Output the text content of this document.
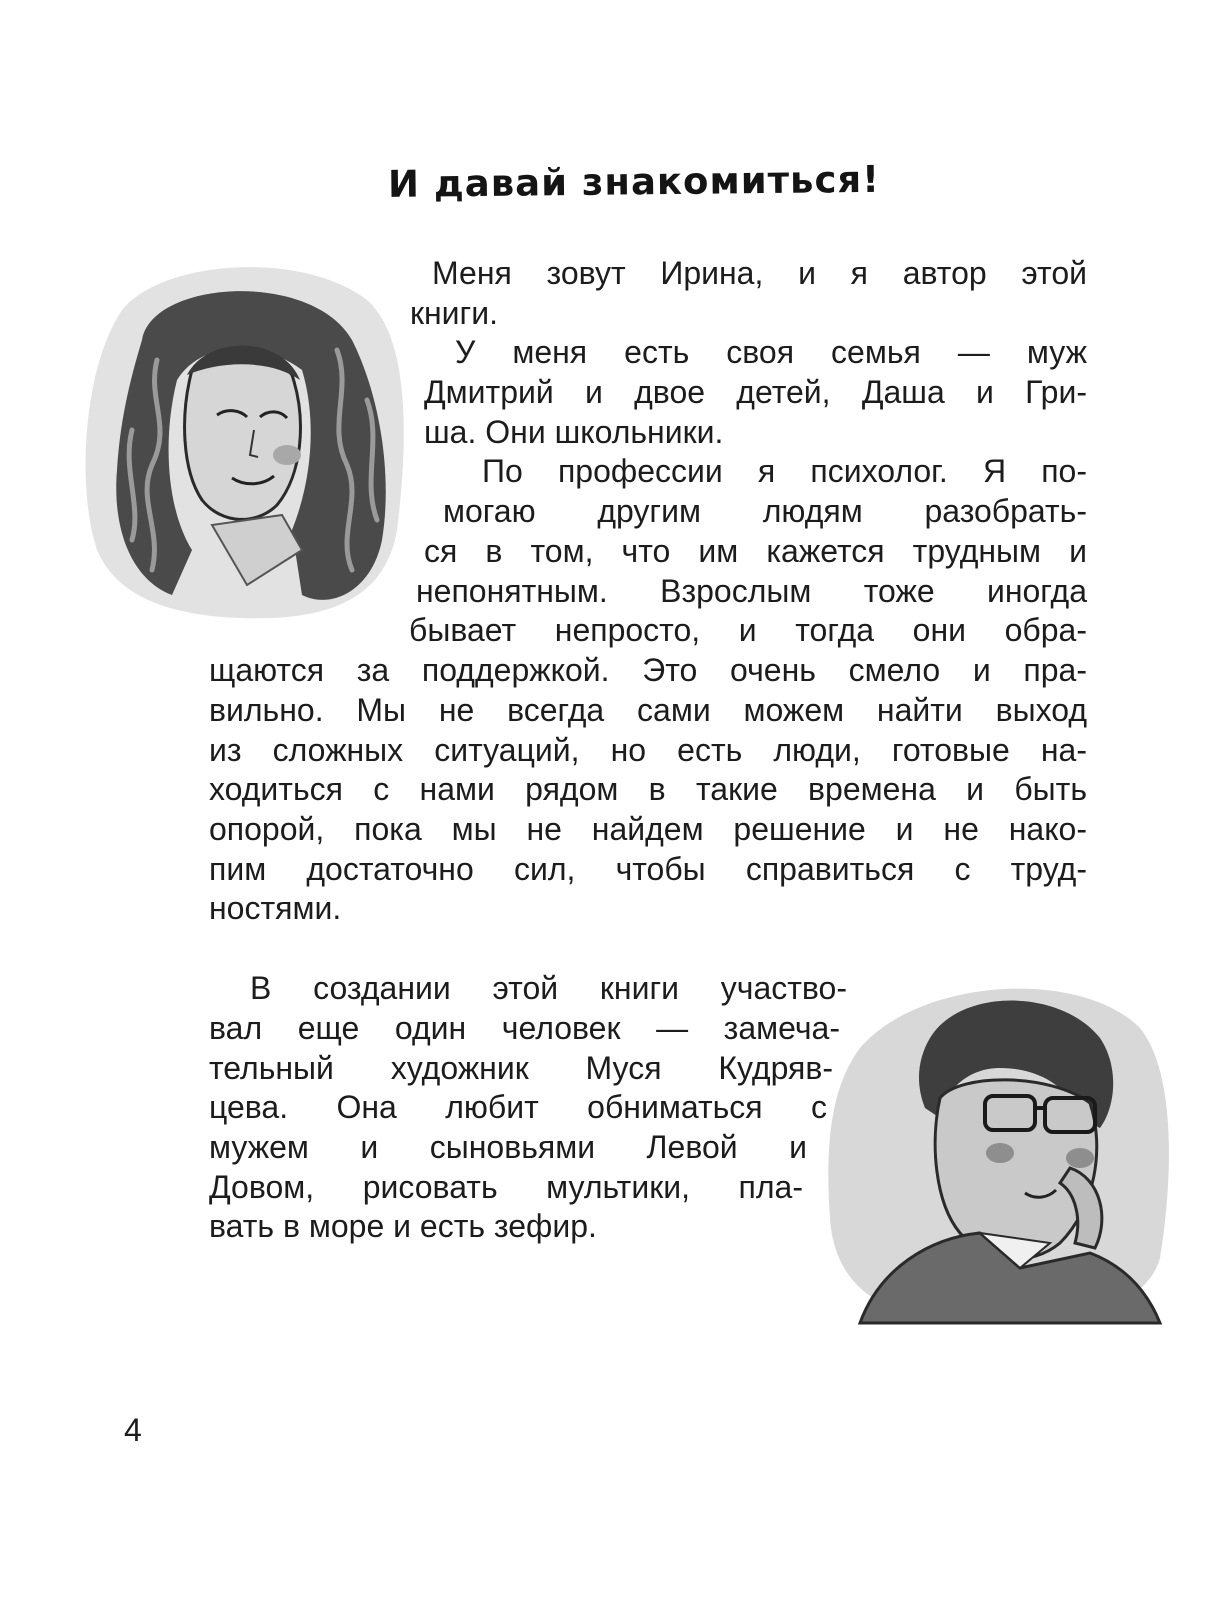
И давай знакомиться!
Меня зовут Ирина, и я автор этой
книги.
У меня есть своя семья — муж
Дмитрий и двое детей, Даша и Гри-
ша. Они школьники.
По профессии я психолог. Я по-
могаю другим людям разобрать-
ся в том, что им кажется трудным и
непонятным. Взрослым тоже иногда
бывает непросто, и тогда они обра-
щаются за поддержкой. Это очень смело и пра-
вильно. Мы не всегда сами можем найти выход
из сложных ситуаций, но есть люди, готовые на-
ходиться с нами рядом в такие времена и быть
опорой, пока мы не найдем решение и не нако-
пим достаточно сил, чтобы справиться с труд-
ностями.
В создании этой книги участво-
вал еще один человек — замеча-
тельный художник Муся Кудряв-
цева. Она любит обниматься с
мужем и сыновьями Левой и
Довом, рисовать мультики, пла-
вать в море и есть зефир.
4
